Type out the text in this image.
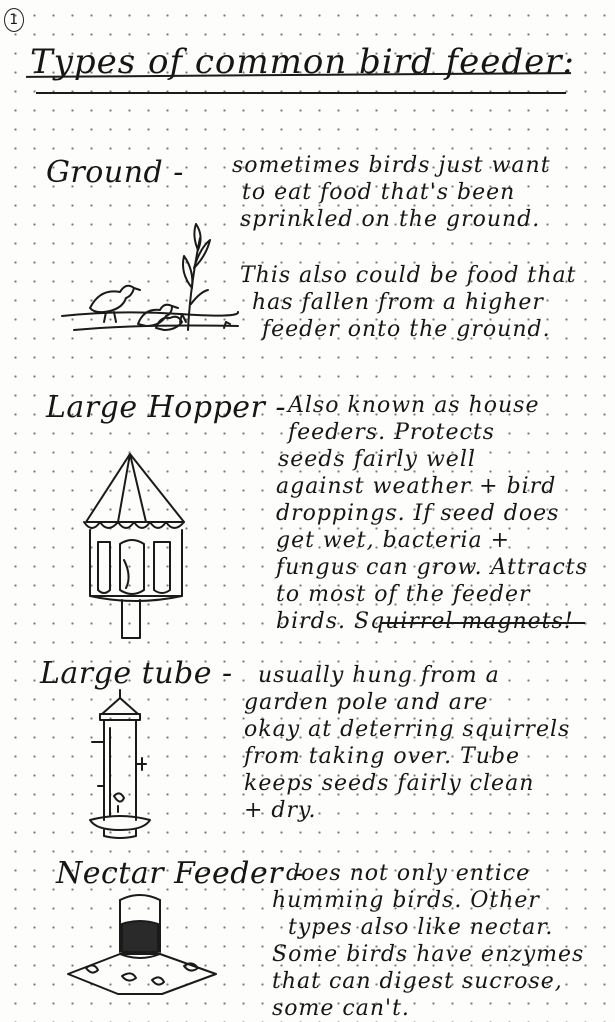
1
Types of common bird feeder:
Ground - sometimes birds just want
to eat food that's been
sprinkled on the ground.
This also could be food that
has fallen from a higher
feeder onto the ground.
Large Hopper - Also known as house
feeders. Protects
seeds fairly well
against weather + bird
droppings. If seed does
get wet, bacteria +
fungus can grow. Attracts
to most of the feeder
birds. Squirrel magnets!
Large tube - usually hung from a
garden pole and are
okay at deterring squirrels
from taking over. Tube
keeps seeds fairly clean
+ dry.
Nectar Feeder -
does not only entice
humming birds. Other
types also like nectar.
Some birds have enzymes
that can digest sucrose,
some can't.
